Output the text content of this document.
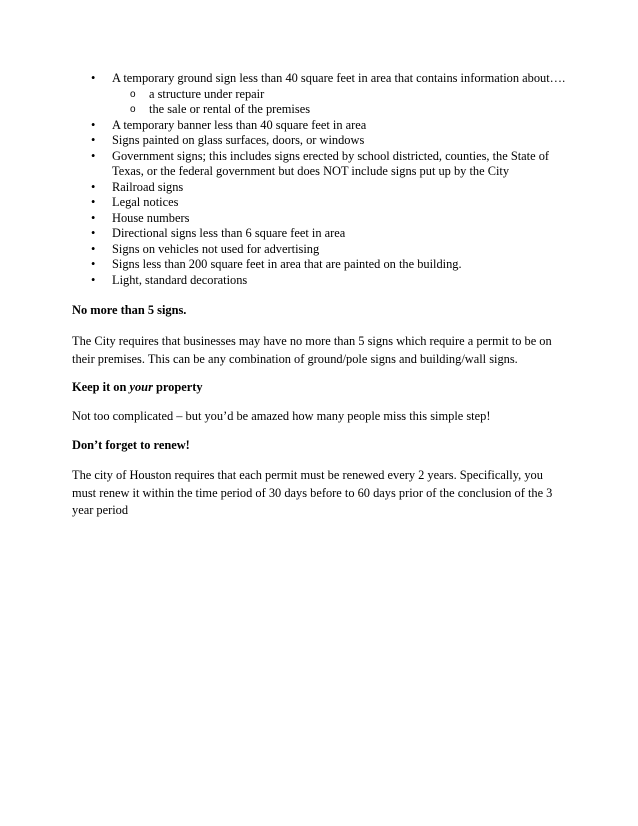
• A temporary ground sign less than 40 square feet in area that contains information about….
o a structure under repair
o the sale or rental of the premises
• A temporary banner less than 40 square feet in area
• Signs painted on glass surfaces, doors, or windows
• Government signs; this includes signs erected by school districted, counties, the State of Texas, or the federal government but does NOT include signs put up by the City
• Railroad signs
• Legal notices
• House numbers
• Directional signs less than 6 square feet in area
• Signs on vehicles not used for advertising
• Signs less than 200 square feet in area that are painted on the building.
• Light, standard decorations
No more than 5 signs.
The City requires that businesses may have no more than 5 signs which require a permit to be on their premises. This can be any combination of ground/pole signs and building/wall signs.
Keep it on your property
Not too complicated – but you’d be amazed how many people miss this simple step!
Don’t forget to renew!
The city of Houston requires that each permit must be renewed every 2 years. Specifically, you must renew it within the time period of 30 days before to 60 days prior of the conclusion of the 3 year period
